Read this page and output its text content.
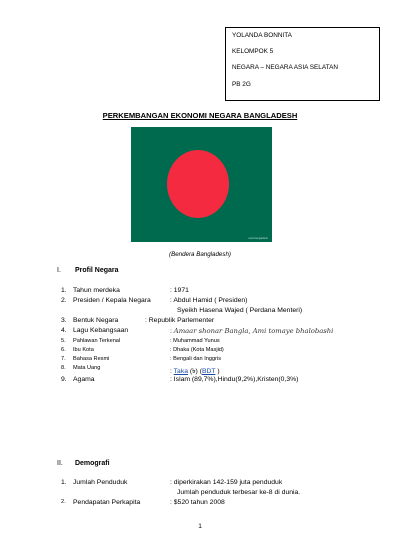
YOLANDA BONNITA
KELOMPOK 5
NEGARA – NEGARA ASIA SELATAN
PB 2G
PERKEMBANGAN EKONOMI NEGARA BANGLADESH
www.bangladesh
(Bendera Bangladesh)
I. Profil Negara
1. Tahun merdeka	: 1971
2. Presiden / Kepala Negara	: Abdul Hamid ( Presiden)
Syeikh Hasena Wajed ( Perdana Menteri)
3. Bentuk Negara	: Republik Parlementer
4. Lagu Kebangsaan	: Amaar shonar Bangla, Ami tomaye bhalobashi
5. Pahlawan Terkenal	: Muhammad Yunus
6. Ibu Kota	: Dhaka (Kota Masjid)
7. Bahasa Resmi	: Bengali dan Inggris
8. Mata Uang	: Taka (৳) (BDT )
9. Agama	: Islam (89,7%),Hindu(9,2%),Kristen(0,3%)
II. Demografi
1. Jumlah Penduduk	: diperkirakan 142-159 juta penduduk
Jumlah penduduk terbesar ke-8 di dunia.
2. Pendapatan Perkapita	: $520 tahun 2008
1
